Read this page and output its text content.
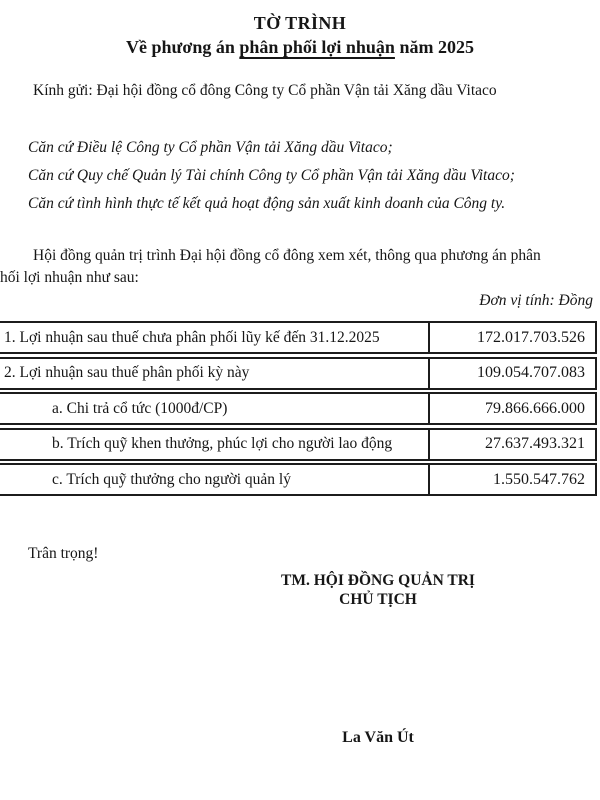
TỜ TRÌNH
Về phương án phân phối lợi nhuận năm 2025
Kính gửi: Đại hội đồng cổ đông Công ty Cổ phần Vận tải Xăng dầu Vitaco
Căn cứ Điều lệ Công ty Cổ phần Vận tải Xăng dầu Vitaco;
Căn cứ Quy chế Quản lý Tài chính Công ty Cổ phần Vận tải Xăng dầu Vitaco;
Căn cứ tình hình thực tế kết quả hoạt động sản xuất kinh doanh của Công ty.
Hội đồng quản trị trình Đại hội đồng cổ đông xem xét, thông qua phương án phân
hối lợi nhuận như sau:
Đơn vị tính: Đồng
1. Lợi nhuận sau thuế chưa phân phối lũy kế đến 31.12.2025	172.017.703.526
2. Lợi nhuận sau thuế phân phối kỳ này	109.054.707.083
a. Chi trả cổ tức (1000đ/CP)	79.866.666.000
b. Trích quỹ khen thưởng, phúc lợi cho người lao động	27.637.493.321
c. Trích quỹ thưởng cho người quản lý	1.550.547.762
Trân trọng!
TM. HỘI ĐỒNG QUẢN TRỊ
CHỦ TỊCH
La Văn Út
